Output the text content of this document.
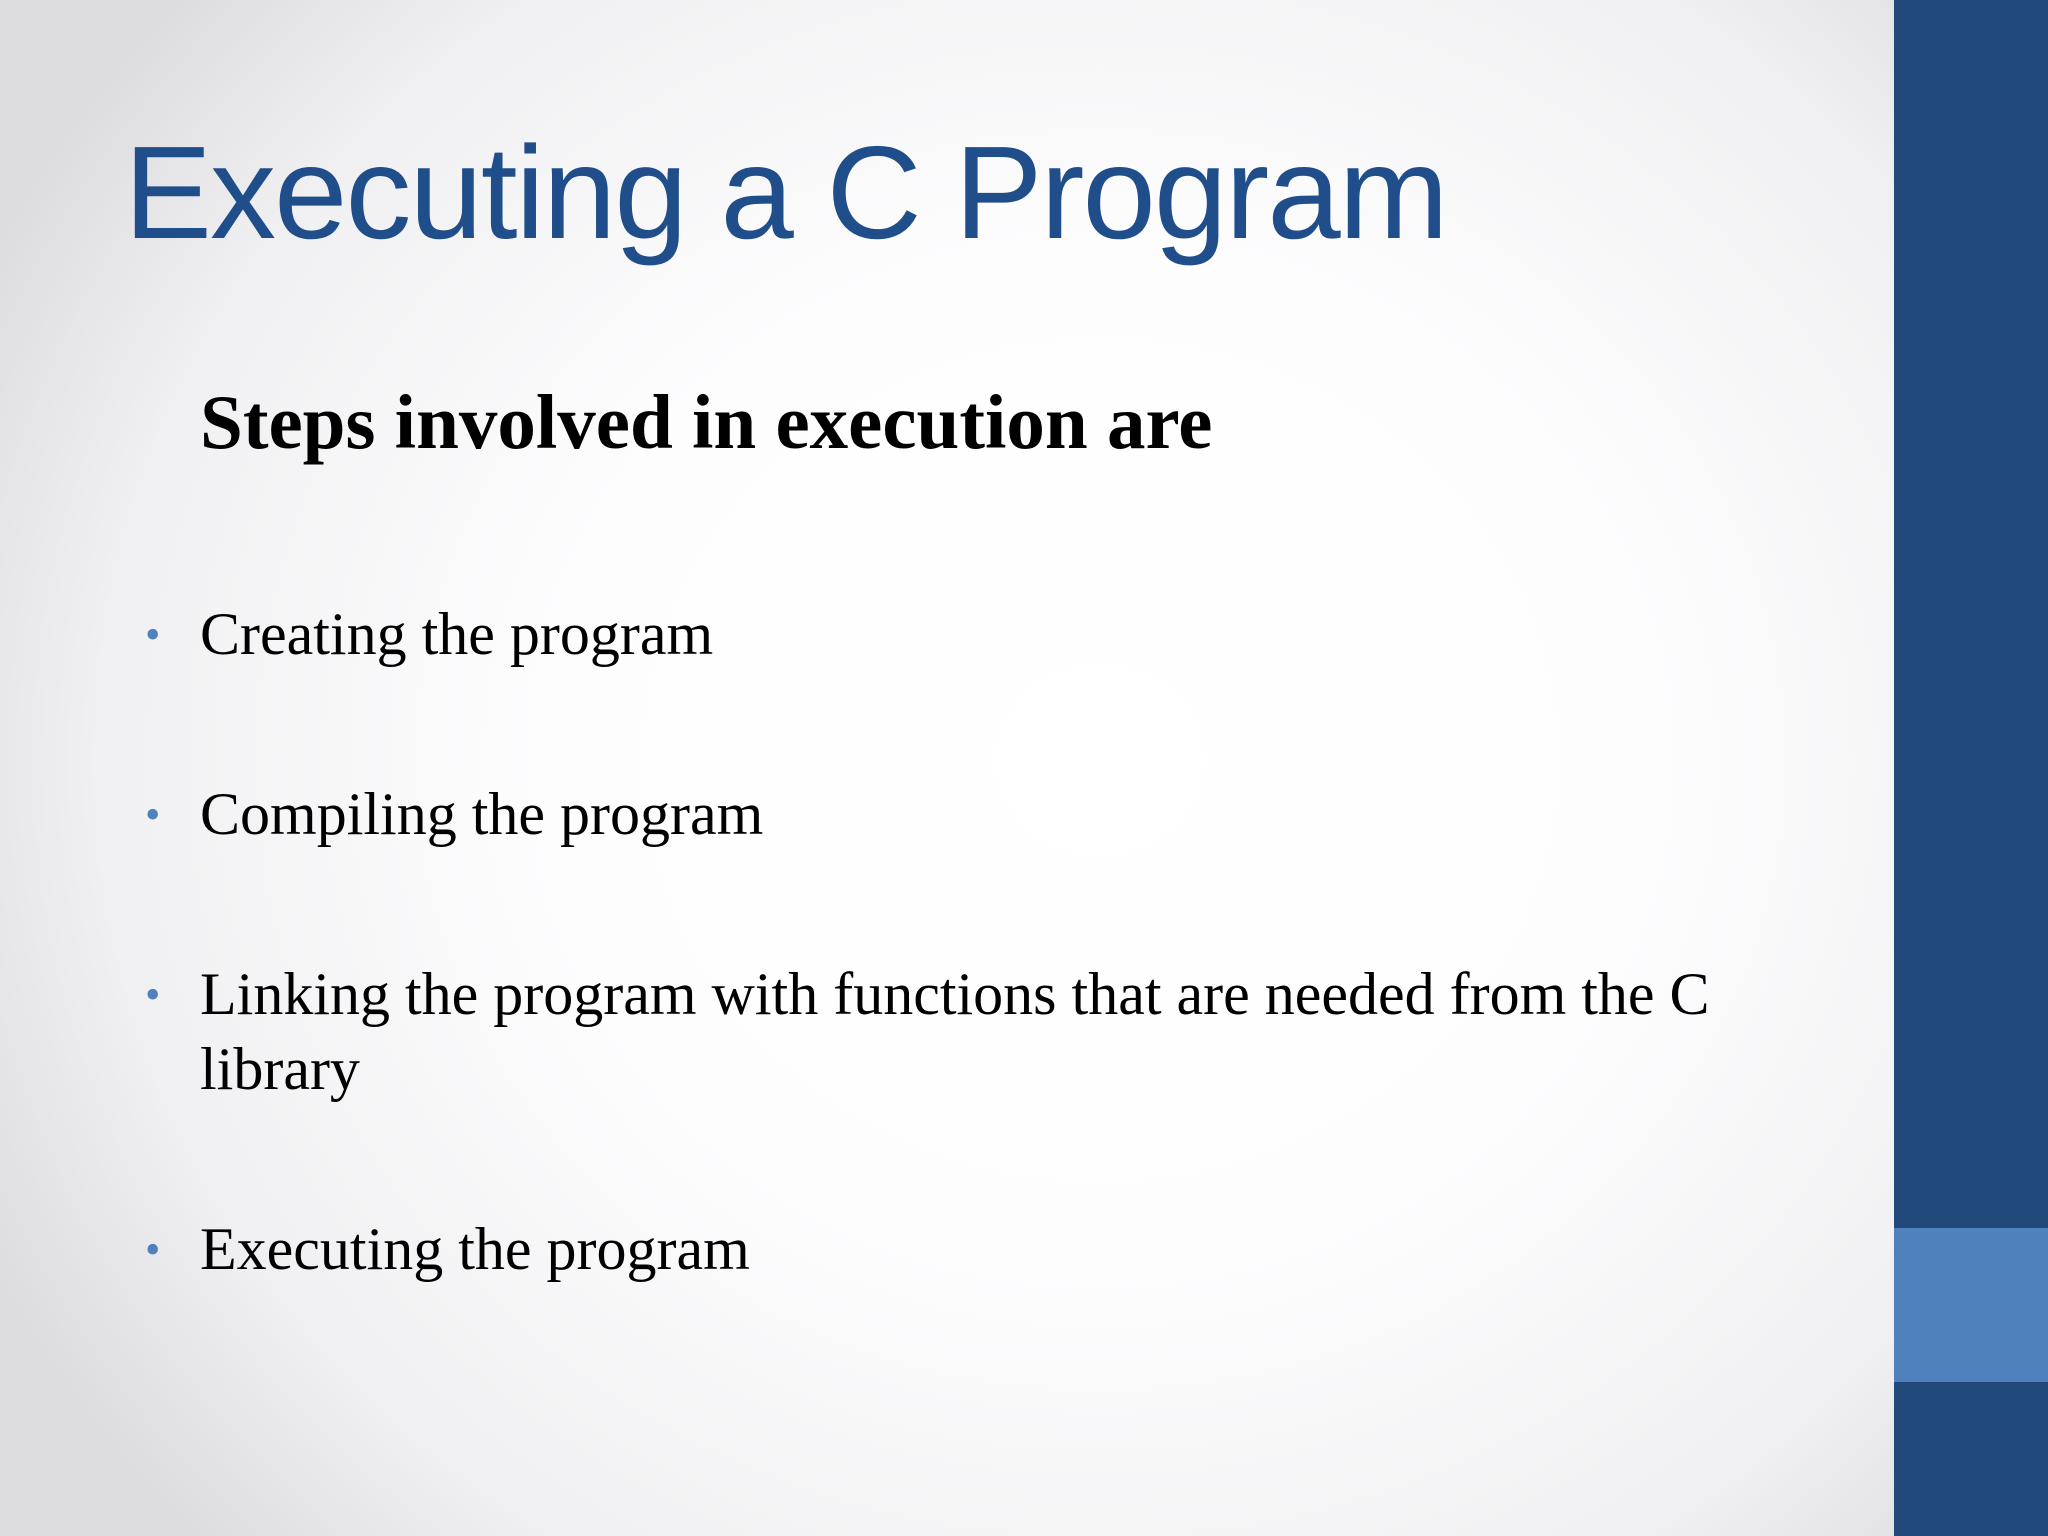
Executing a C Program
Steps involved in execution are
• Creating the program
• Compiling the program
• Linking the program with functions that are needed from the C library
• Executing the program
